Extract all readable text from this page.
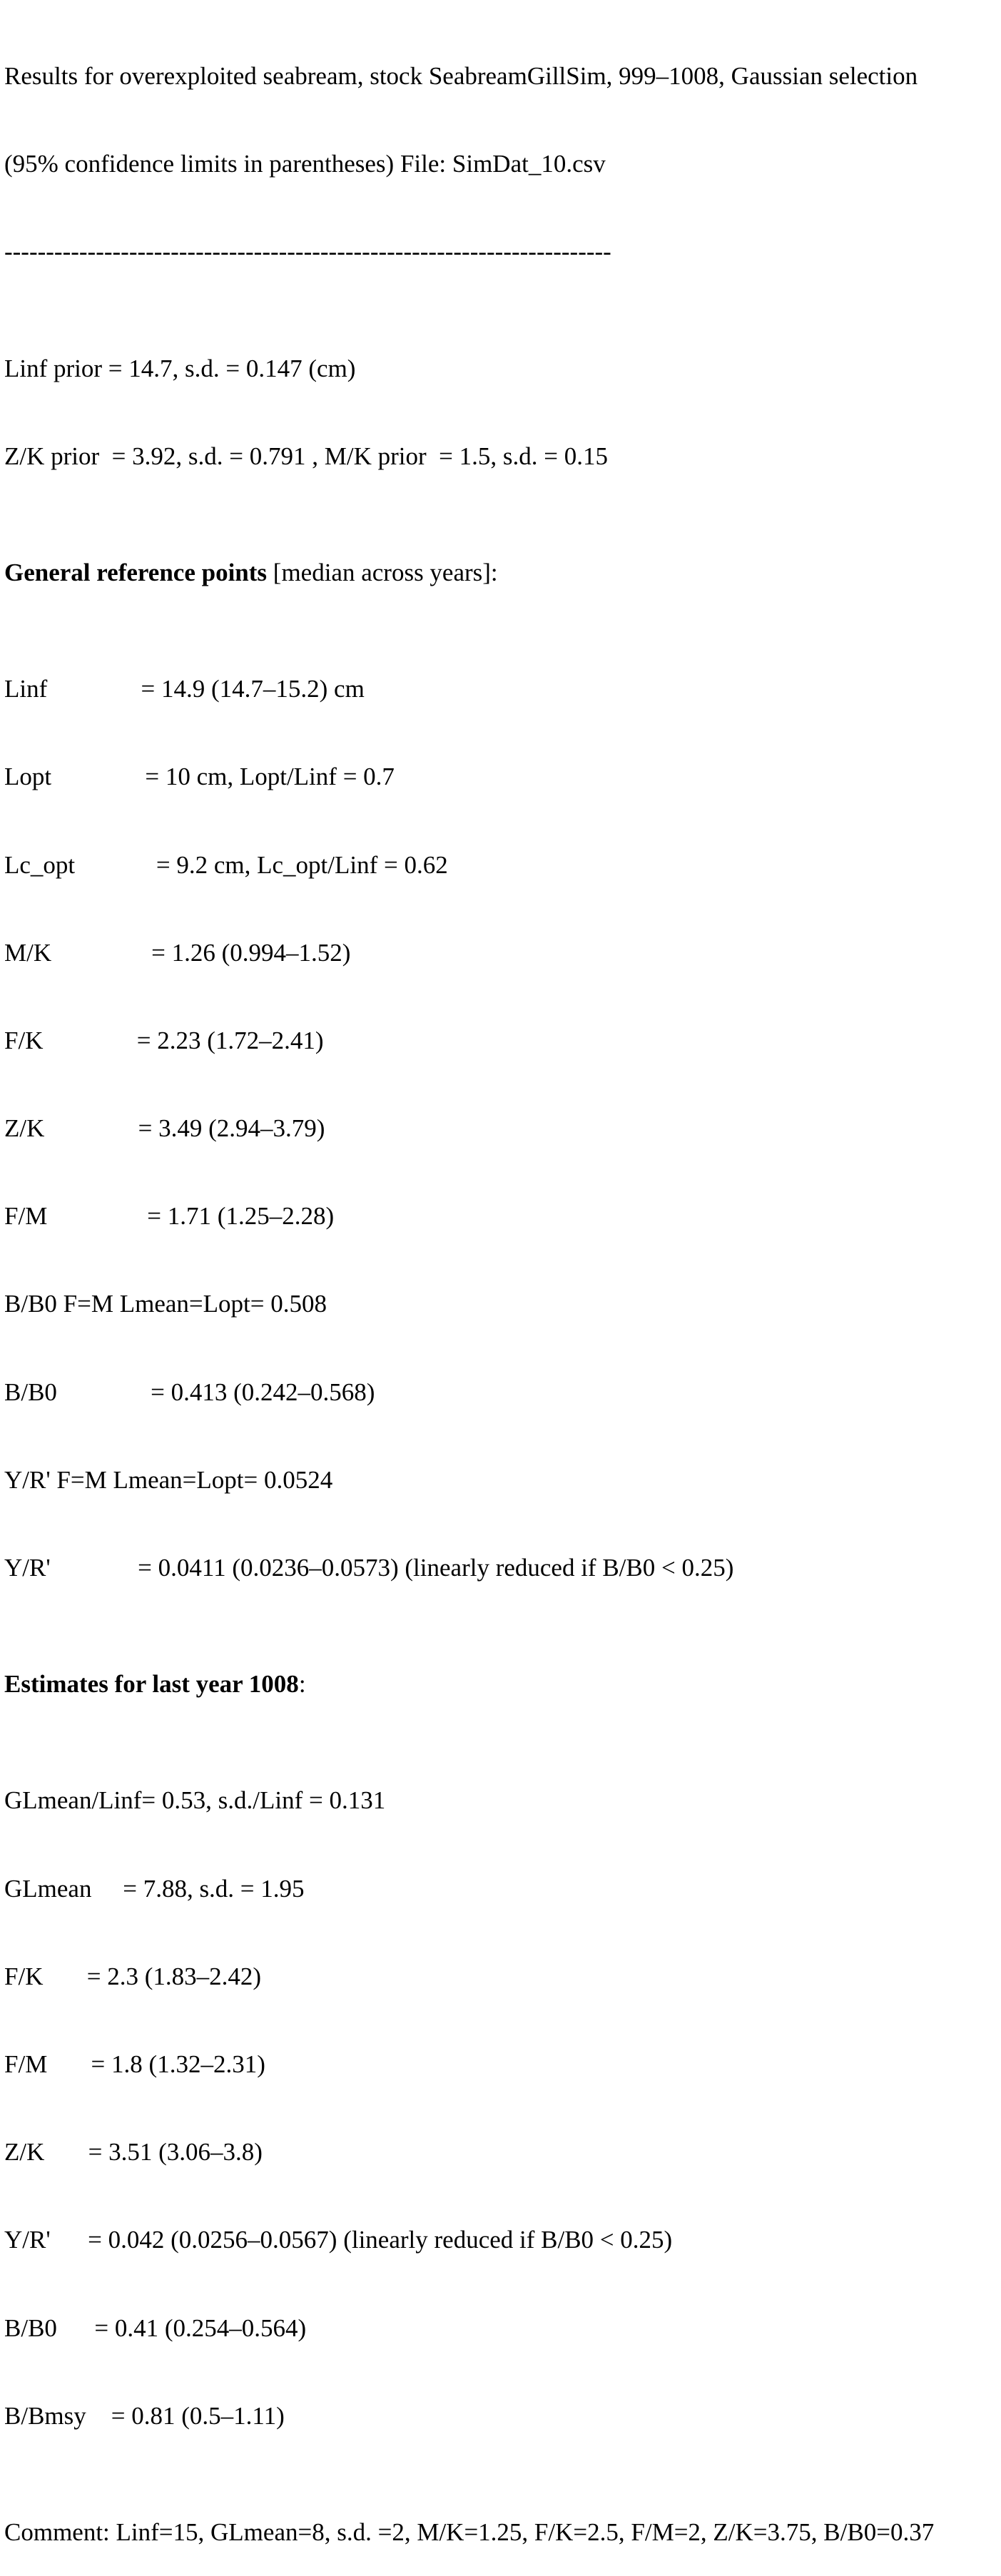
Results for overexploited seabream, stock SeabreamGillSim, 999–1008, Gaussian selection

(95% confidence limits in parentheses) File: SimDat_10.csv

-------------------------------------------------------------------------

Linf prior = 14.7, s.d. = 0.147 (cm)

Z/K prior  = 3.92, s.d. = 0.791 , M/K prior  = 1.5, s.d. = 0.15

General reference points [median across years]:

Linf               = 14.9 (14.7–15.2) cm

Lopt               = 10 cm, Lopt/Linf = 0.7

Lc_opt             = 9.2 cm, Lc_opt/Linf = 0.62

M/K                = 1.26 (0.994–1.52)

F/K               = 2.23 (1.72–2.41)

Z/K               = 3.49 (2.94–3.79)

F/M                = 1.71 (1.25–2.28)

B/B0 F=M Lmean=Lopt= 0.508

B/B0               = 0.413 (0.242–0.568)

Y/R' F=M Lmean=Lopt= 0.0524

Y/R'              = 0.0411 (0.0236–0.0573) (linearly reduced if B/B0 < 0.25)

Estimates for last year 1008:

GLmean/Linf= 0.53, s.d./Linf = 0.131

GLmean     = 7.88, s.d. = 1.95

F/K       = 2.3 (1.83–2.42)

F/M       = 1.8 (1.32–2.31)

Z/K       = 3.51 (3.06–3.8)

Y/R'      = 0.042 (0.0256–0.0567) (linearly reduced if B/B0 < 0.25)

B/B0      = 0.41 (0.254–0.564)

B/Bmsy    = 0.81 (0.5–1.11)

Comment: Linf=15, GLmean=8, s.d. =2, M/K=1.25, F/K=2.5, F/M=2, Z/K=3.75, B/B0=0.37
